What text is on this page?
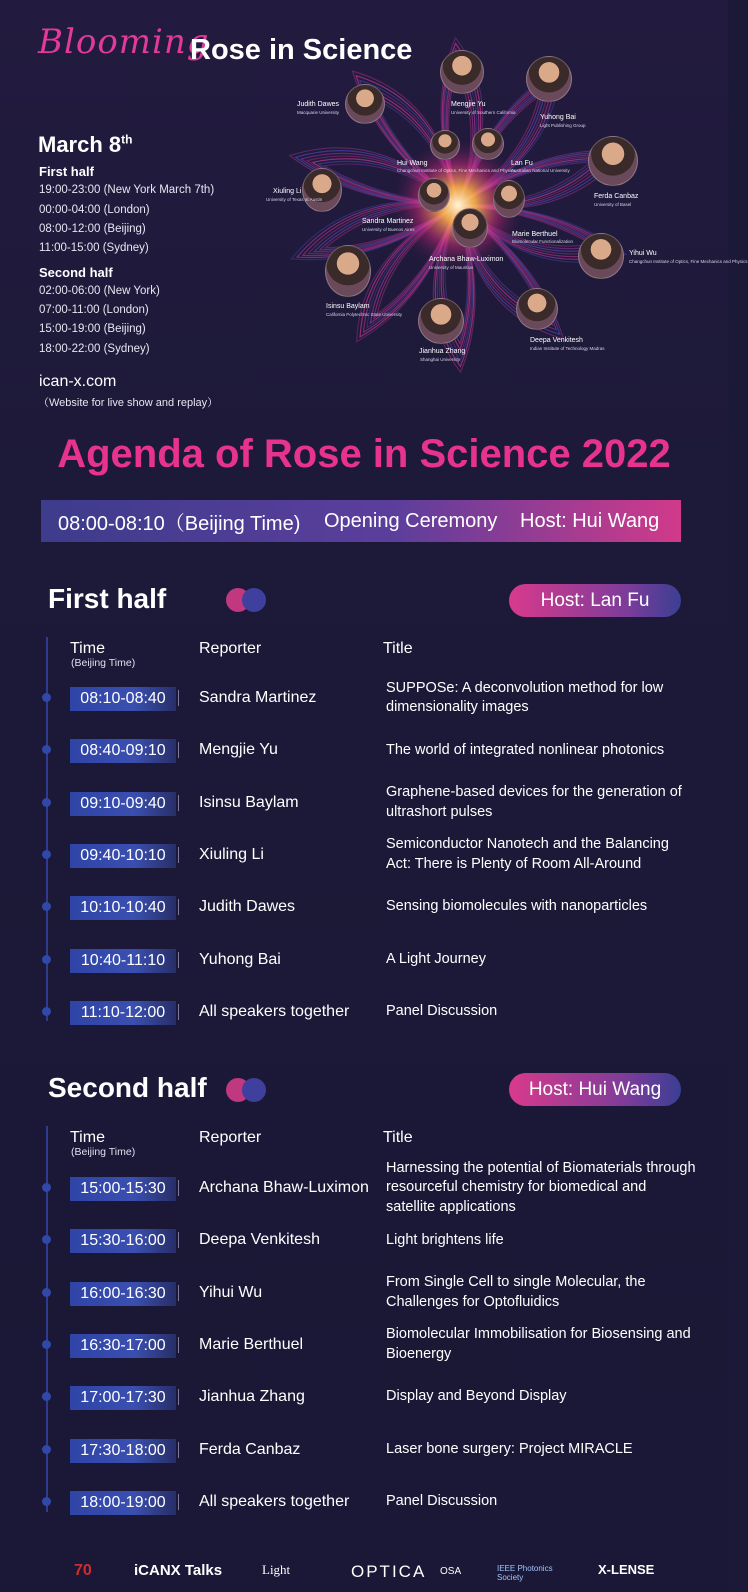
Blooming
Rose in Science
March 8th
First half
19:00-23:00 (New York March 7th)
00:00-04:00 (London)
08:00-12:00 (Beijing)
11:00-15:00 (Sydney)
Second half
02:00-06:00 (New York)
07:00-11:00 (London)
15:00-19:00 (Beijing)
18:00-22:00 (Sydney)
ican-x.com
（Website for live show and replay）
Judith Dawes
Macquarie University
Mengjie Yu
University of Southern California
Yuhong Bai
Light Publishing Group
Hui Wang
Changchun Institute of Optics, Fine Mechanics and Physics
Lan Fu
Australian National University
Xiuling Li
University of Texas at Austin	Ferda Canbaz
University of Basel
Sandra Martinez
University of Buenos Aires
Marie Berthuel
Biomolecular Functionalization
Archana Bhaw-Luximon
University of Mauritius
Yihui Wu
Changchun Institute of Optics, Fine Mechanics and Physics
Isinsu Baylam
California Polytechnic State University
Deepa Venkitesh
Indian Institute of Technology Madras
Jianhua Zhang
Shanghai University
Agenda of Rose in Science 2022
08:00-08:10（Beijing Time) Opening Ceremony Host: Hui Wang
First half	Host: Lan Fu
Time
(Beijing Time)
Reporter	Title
08:10-08:40	Sandra Martinez
SUPPOSe: A deconvolution method for low dimensionality images
08:40-09:10	Mengjie Yu	The world of integrated nonlinear photonics
09:10-09:40	Isinsu Baylam
Graphene-based devices for the generation of ultrashort pulses
09:40-10:10	Xiuling Li
Semiconductor Nanotech and the Balancing Act: There is Plenty of Room All-Around
10:10-10:40	Judith Dawes	Sensing biomolecules with nanoparticles
10:40-11:10	Yuhong Bai	A Light Journey
11:10-12:00	All speakers together	Panel Discussion
Second half	Host: Hui Wang
Time
(Beijing Time)
Reporter	Title
15:00-15:30	Archana Bhaw-Luximon
Harnessing the potential of Biomaterials through resourceful chemistry for biomedical and satellite applications
15:30-16:00	Deepa Venkitesh	Light brightens life
16:00-16:30	Yihui Wu
From Single Cell to single Molecular, the Challenges for Optofluidics
16:30-17:00	Marie Berthuel
Biomolecular Immobilisation for Biosensing and Bioenergy
17:00-17:30	Jianhua Zhang	Display and Beyond Display
17:30-18:00	Ferda Canbaz	Laser bone surgery: Project MIRACLE
18:00-19:00	All speakers together	Panel Discussion
70	iCANX Talks	Light	OPTICA OSA	IEEE Photonics Society
X-LENSE
